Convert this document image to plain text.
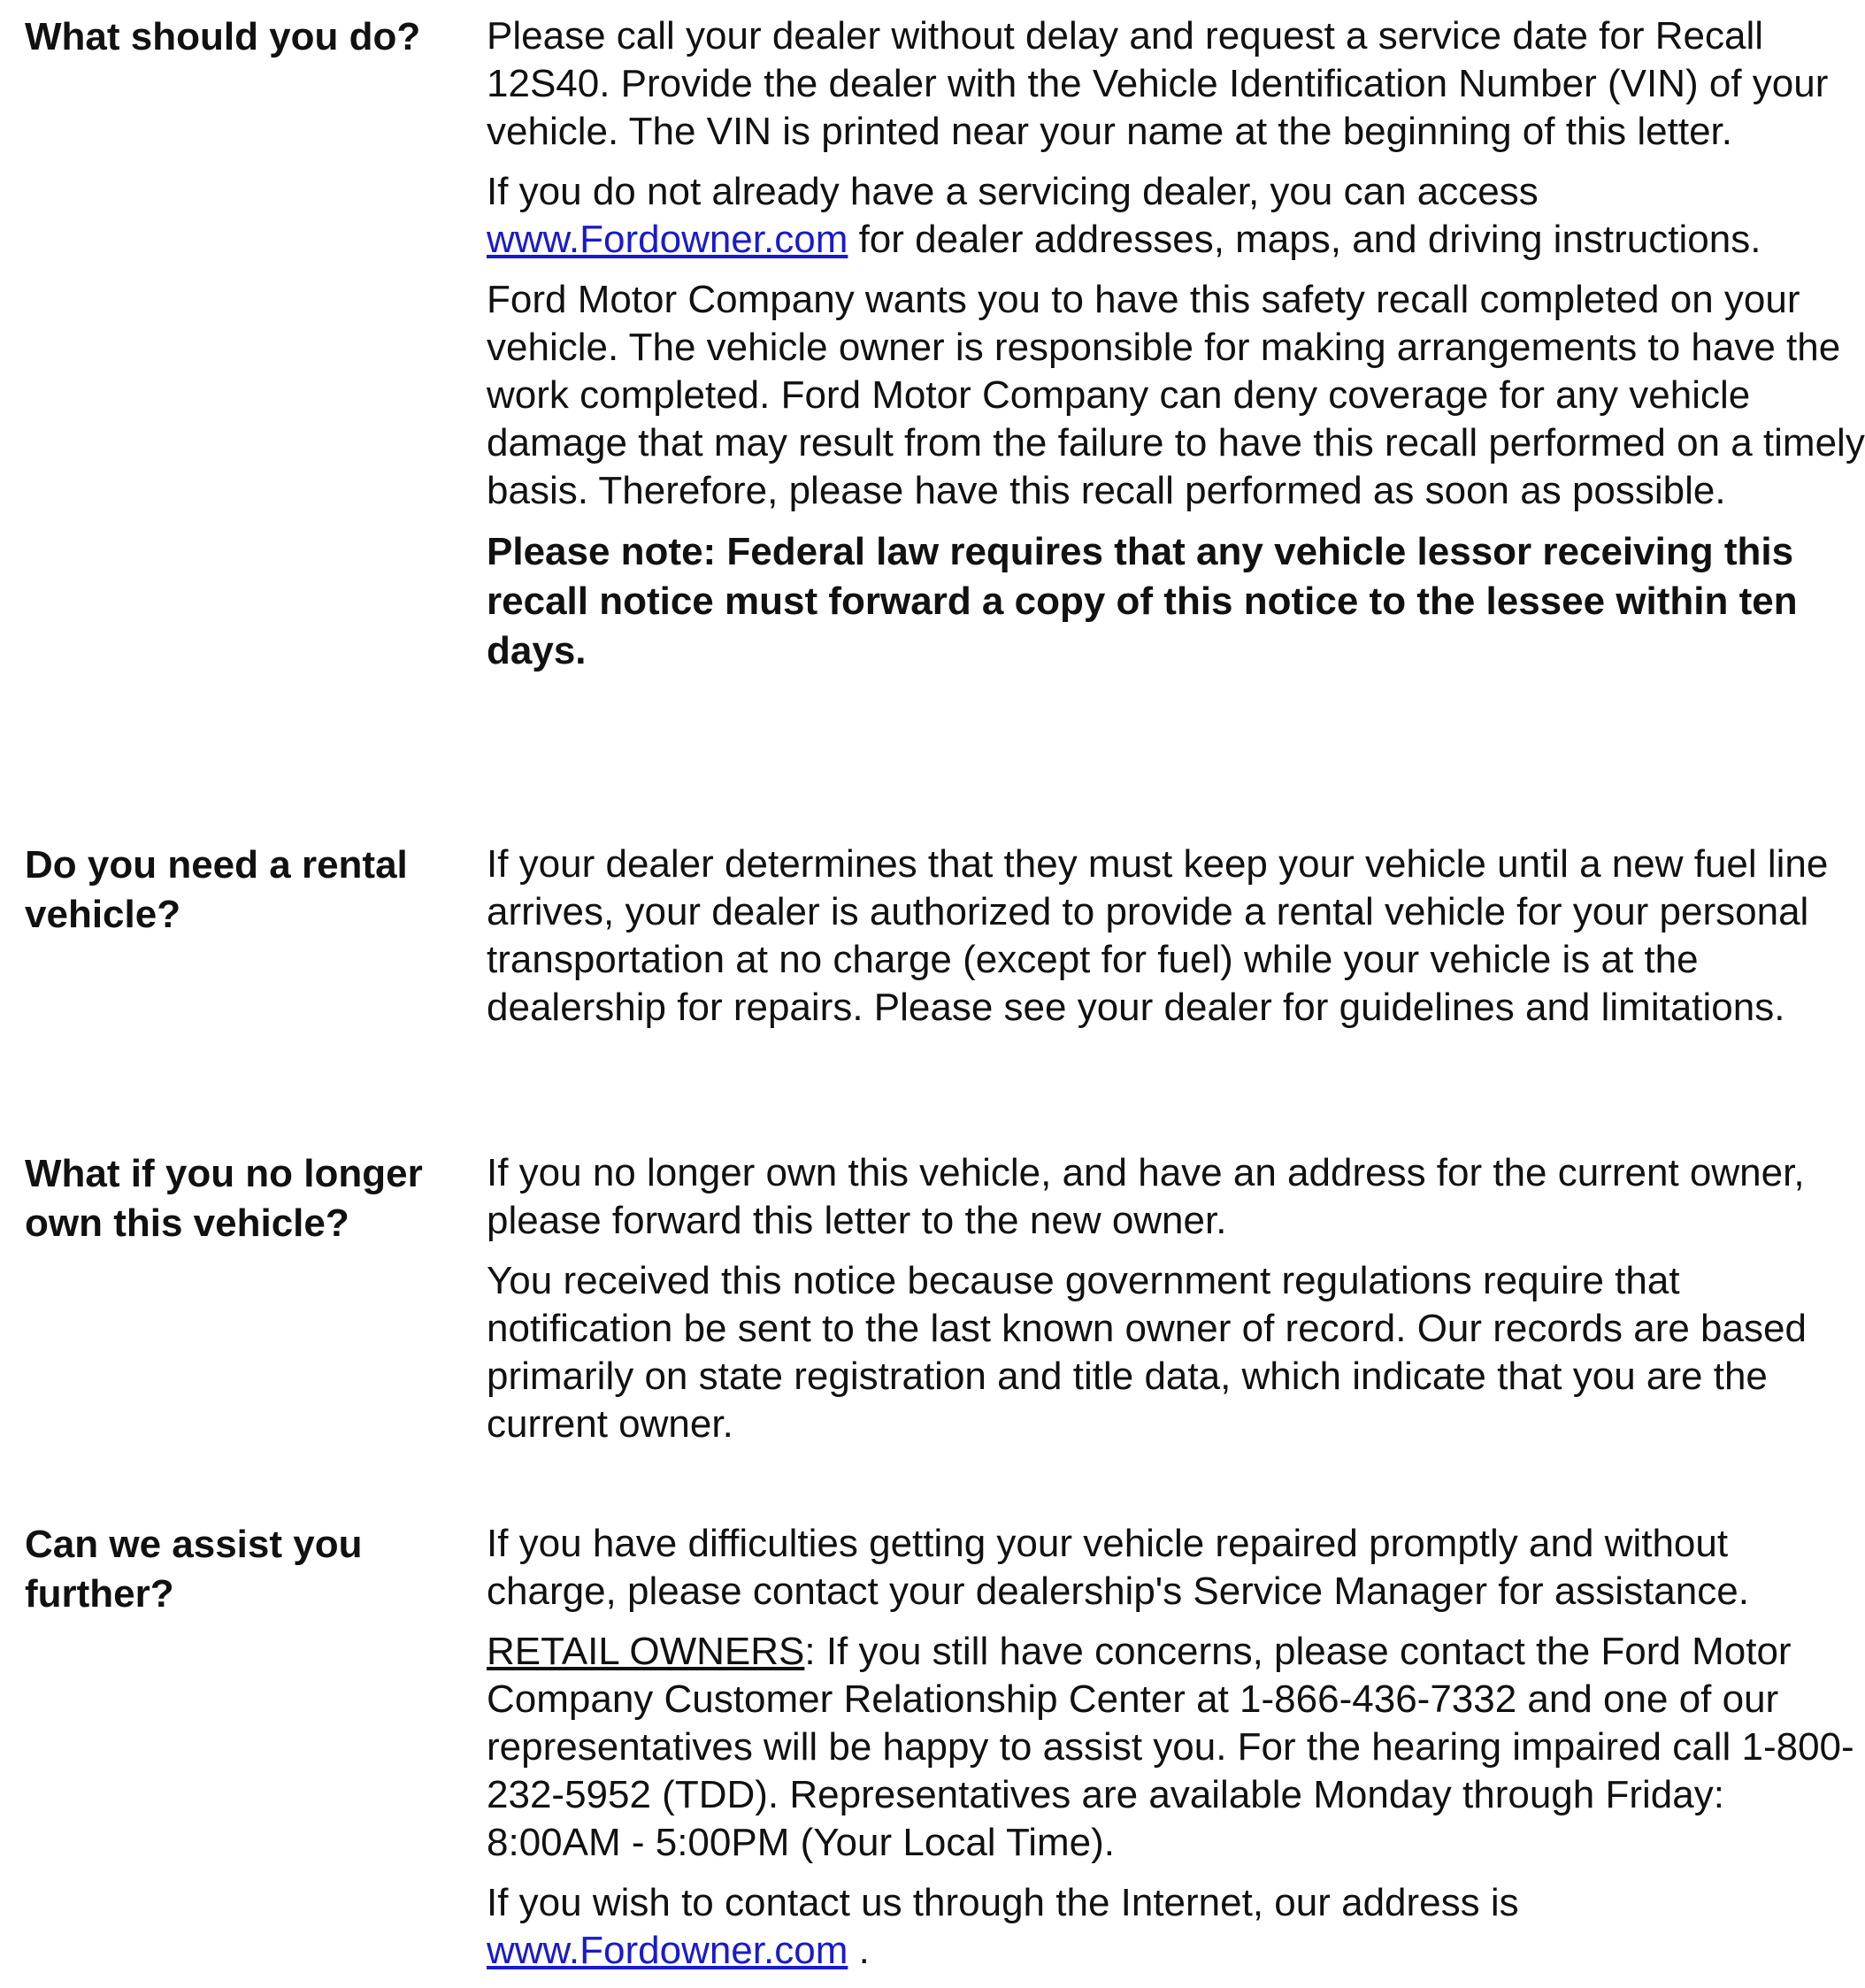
What should you do?	Please call your dealer without delay and request a service date for Recall 12S40. Provide the dealer with the Vehicle Identification Number (VIN) of your vehicle. The VIN is printed near your name at the beginning of this letter.

If you do not already have a servicing dealer, you can access www.Fordowner.com for dealer addresses, maps, and driving instructions.

Ford Motor Company wants you to have this safety recall completed on your vehicle. The vehicle owner is responsible for making arrangements to have the work completed. Ford Motor Company can deny coverage for any vehicle damage that may result from the failure to have this recall performed on a timely basis. Therefore, please have this recall performed as soon as possible.

Please note: Federal law requires that any vehicle lessor receiving this recall notice must forward a copy of this notice to the lessee within ten days.

Do you need a rental vehicle?

If your dealer determines that they must keep your vehicle until a new fuel line arrives, your dealer is authorized to provide a rental vehicle for your personal transportation at no charge (except for fuel) while your vehicle is at the dealership for repairs. Please see your dealer for guidelines and limitations.

What if you no longer own this vehicle?

If you no longer own this vehicle, and have an address for the current owner, please forward this letter to the new owner.

You received this notice because government regulations require that notification be sent to the last known owner of record. Our records are based primarily on state registration and title data, which indicate that you are the current owner.

Can we assist you further?

If you have difficulties getting your vehicle repaired promptly and without charge, please contact your dealership's Service Manager for assistance.

RETAIL OWNERS: If you still have concerns, please contact the Ford Motor Company Customer Relationship Center at 1-866-436-7332 and one of our representatives will be happy to assist you. For the hearing impaired call 1-800-232-5952 (TDD). Representatives are available Monday through Friday: 8:00AM - 5:00PM (Your Local Time).

If you wish to contact us through the Internet, our address is www.Fordowner.com .
